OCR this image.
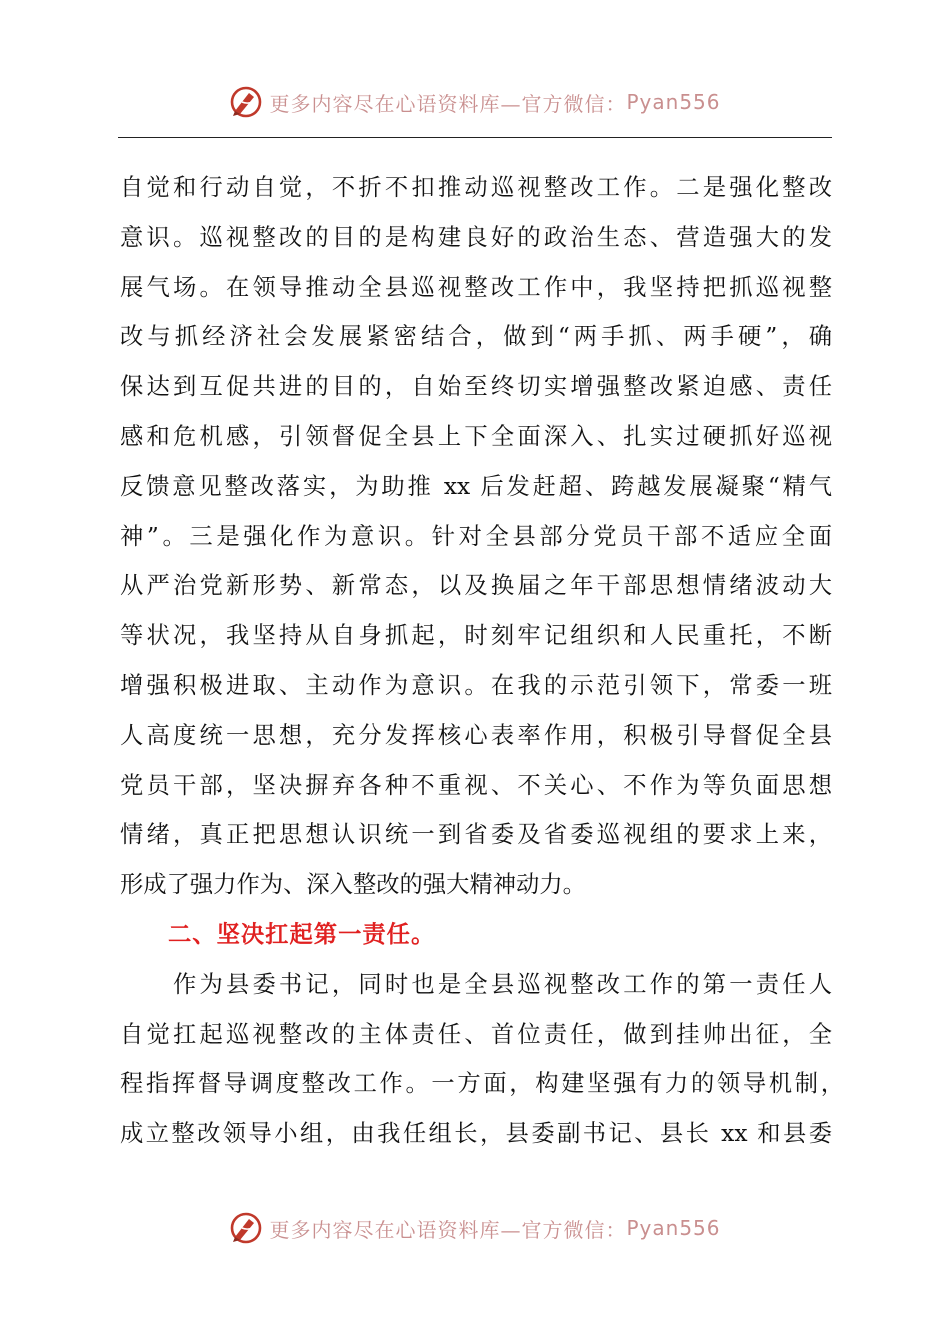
更多内容尽在心语资料库—官方微信： Pyan556
自觉和行动自觉，不折不扣推动巡视整改工作。二是强化整改
意识。巡视整改的目的是构建良好的政治生态、营造强大的发
展气场。在领导推动全县巡视整改工作中，我坚持把抓巡视整
改与抓经济社会发展紧密结合，做到“两手抓、两手硬”，确
保达到互促共进的目的，自始至终切实增强整改紧迫感、责任
感和危机感，引领督促全县上下全面深入、扎实过硬抓好巡视
反馈意见整改落实，为助推 xx 后发赶超、跨越发展凝聚“精气
神”。三是强化作为意识。针对全县部分党员干部不适应全面
从严治党新形势、新常态，以及换届之年干部思想情绪波动大
等状况，我坚持从自身抓起，时刻牢记组织和人民重托，不断
增强积极进取、主动作为意识。在我的示范引领下，常委一班
人高度统一思想，充分发挥核心表率作用，积极引导督促全县
党员干部，坚决摒弃各种不重视、不关心、不作为等负面思想
情绪，真正把思想认识统一到省委及省委巡视组的要求上来，
形成了强力作为、深入整改的强大精神动力。
二、坚决扛起第一责任。
　　作为县委书记，同时也是全县巡视整改工作的第一责任人
自觉扛起巡视整改的主体责任、首位责任，做到挂帅出征，全
程指挥督导调度整改工作。一方面，构建坚强有力的领导机制，
成立整改领导小组，由我任组长，县委副书记、县长 xx 和县委
更多内容尽在心语资料库—官方微信： Pyan556
